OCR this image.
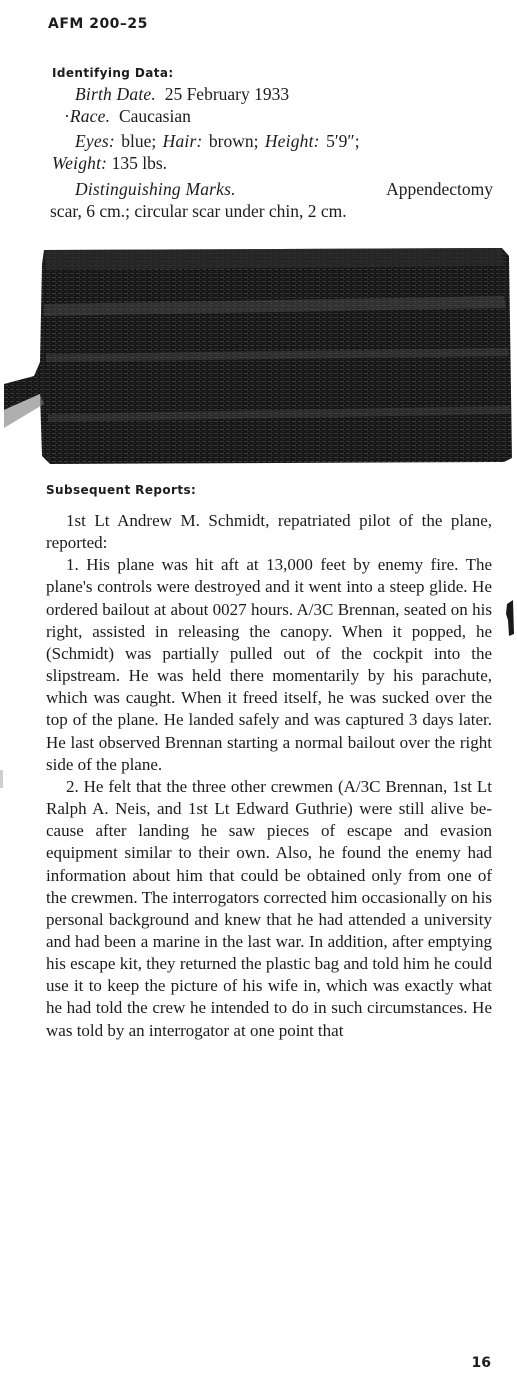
AFM 200–25
Identifying Data:
Birth Date. 25 February 1933
·Race. Caucasian
Eyes: blue; Hair: brown; Height: 5′9″;
Weight: 135 lbs.
Distinguishing Marks.	Appendectomy
scar, 6 cm.; circular scar under chin, 2 cm.
Subsequent Reports:

1st Lt Andrew M. Schmidt, repatriated pilot of the plane, reported:

1. His plane was hit aft at 13,000 feet by enemy fire. The plane's controls were destroyed and it went into a steep glide. He ordered bailout at about 0027 hours. A/3C Brennan, seated on his right, assisted in releasing the canopy. When it popped, he (Schmidt) was partially pulled out of the cockpit into the slipstream. He was held there momentarily by his parachute, which was caught. When it freed itself, he was sucked over the top of the plane. He landed safely and was captured 3 days later. He last observed Brennan starting a normal bailout over the right side of the plane.

2. He felt that the three other crewmen (A/3C Brennan, 1st Lt Ralph A. Neis, and 1st Lt Edward Guthrie) were still alive because after landing he saw pieces of escape and evasion equipment similar to their own. Also, he found the enemy had information about him that could be obtained only from one of the crewmen. The interrogators corrected him occasionally on his personal background and knew that he had attended a university and had been a marine in the last war. In addition, after emptying his escape kit, they returned the plastic bag and told him he could use it to keep the picture of his wife in, which was exactly what he had told the crew he intended to do in such circumstances. He was told by an interrogator at one point that

16
